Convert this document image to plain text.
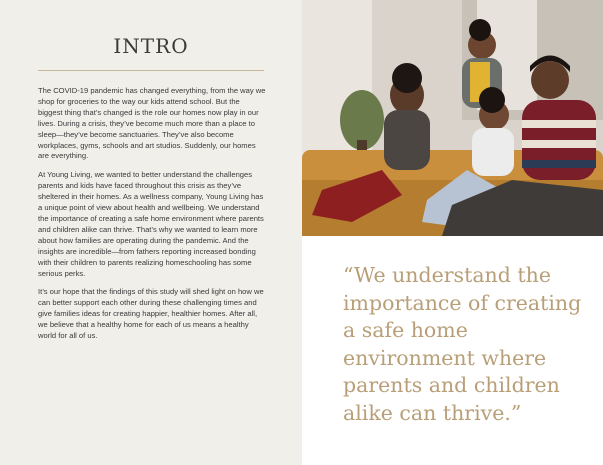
INTRO

The COVID-19 pandemic has changed everything, from the way we shop for groceries to the way our kids attend school. But the biggest thing that’s changed is the role our homes now play in our lives. During a crisis, they’ve become much more than a place to sleep—they’ve become sanctuaries. They’ve also become workplaces, gyms, schools and art studios. Suddenly, our homes are everything.

At Young Living, we wanted to better understand the challenges parents and kids have faced throughout this crisis as they’ve sheltered in their homes. As a wellness company, Young Living has a unique point of view about health and wellbeing. We understand the importance of creating a safe home environment where parents and children alike can thrive. That’s why we wanted to learn more about how families are operating during the pandemic. And the insights are incredible—from fathers reporting increased bonding with their children to parents realizing homeschooling has some serious perks.

It’s our hope that the findings of this study will shed light on how we can better support each other during these challenging times and give families ideas for creating happier, healthier homes. After all, we believe that a healthy home for each of us means a healthy world for all of us.

“We understand the importance of creating a safe home environment where parents and children alike can thrive.”
